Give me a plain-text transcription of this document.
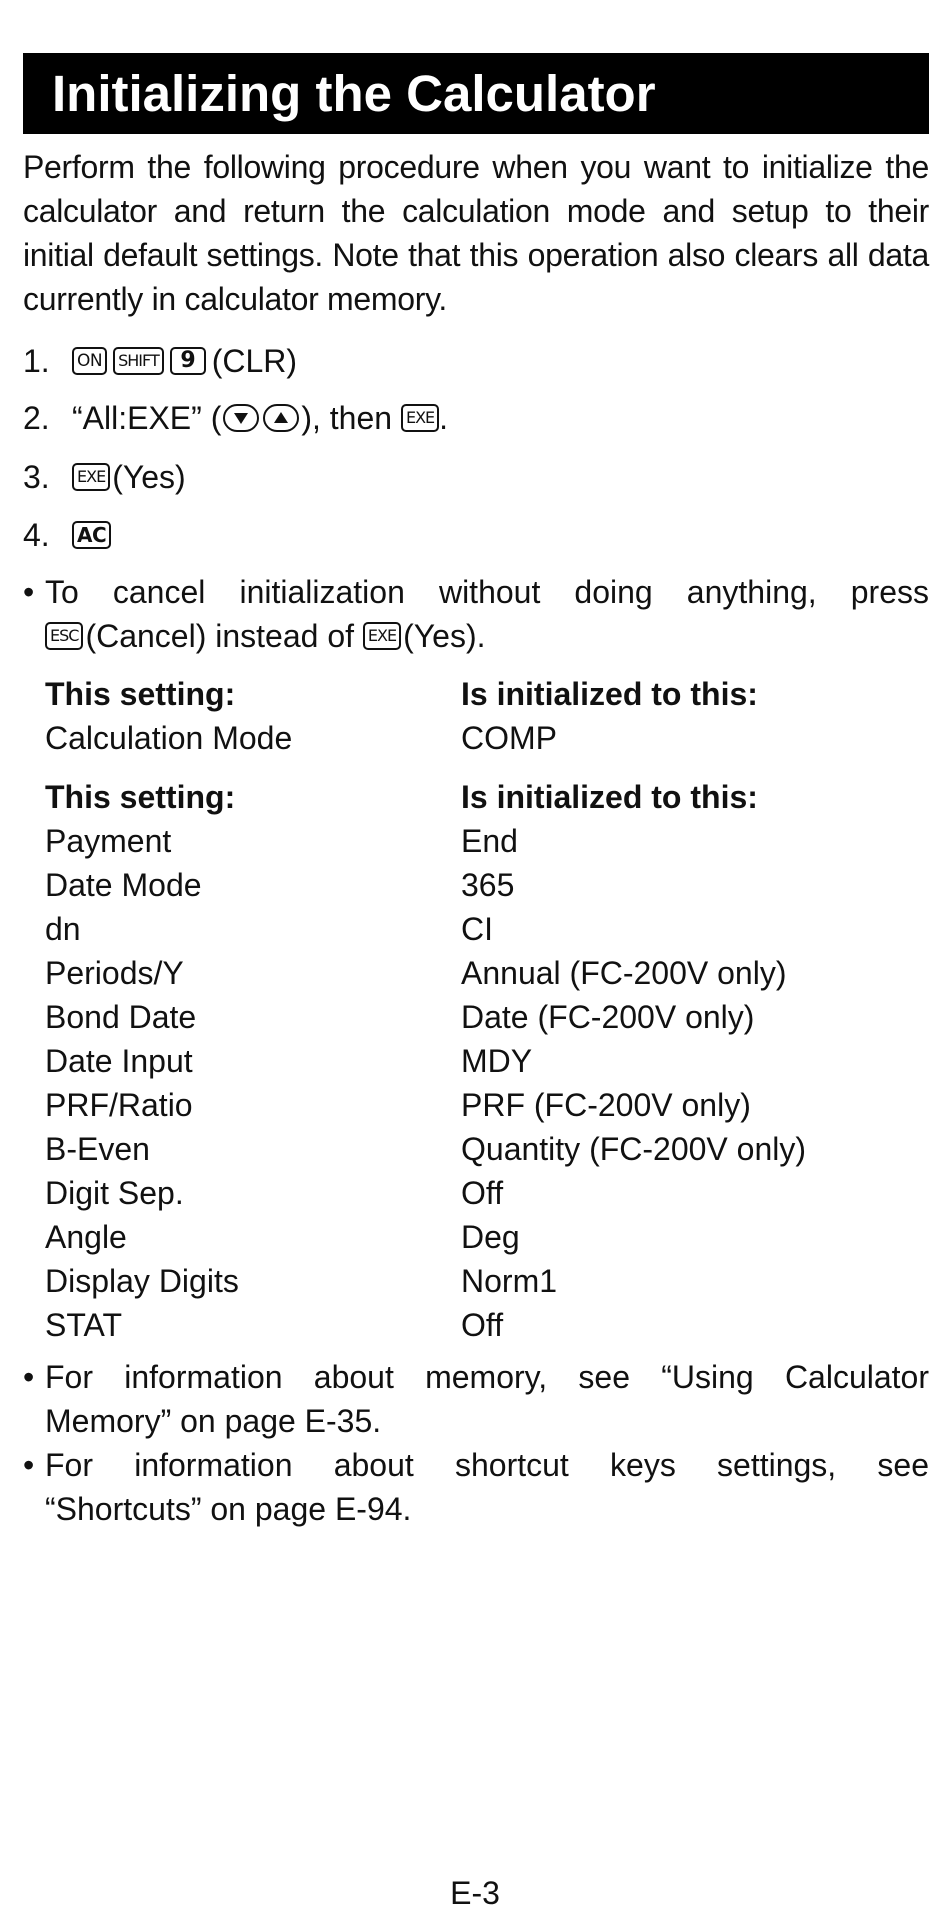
Initializing the Calculator
Perform the following procedure when you want to initialize the calculator and return the calculation mode and setup to their initial default settings. Note that this operation also clears all data currently in calculator memory.
1. ON SHIFT 9 (CLR)
2. “All:EXE” (	), then EXE .
3. EXE (Yes)
4. AC
• To cancel initialization without doing anything, press
ESC (Cancel) instead of EXE (Yes).
This setting:	Is initialized to this:
Calculation Mode	COMP
This setting:	Is initialized to this:
Payment	End
Date Mode	365
dn	CI
Periods/Y	Annual (FC-200V only)
Bond Date	Date (FC-200V only)
Date Input	MDY
PRF/Ratio	PRF (FC-200V only)
B-Even	Quantity (FC-200V only)
Digit Sep.	Off
Angle	Deg
Display Digits	Norm1
STAT	Off
• For information about memory, see “Using Calculator
Memory” on page E-35.
• For information about shortcut keys settings, see
“Shortcuts” on page E-94.
E-3
